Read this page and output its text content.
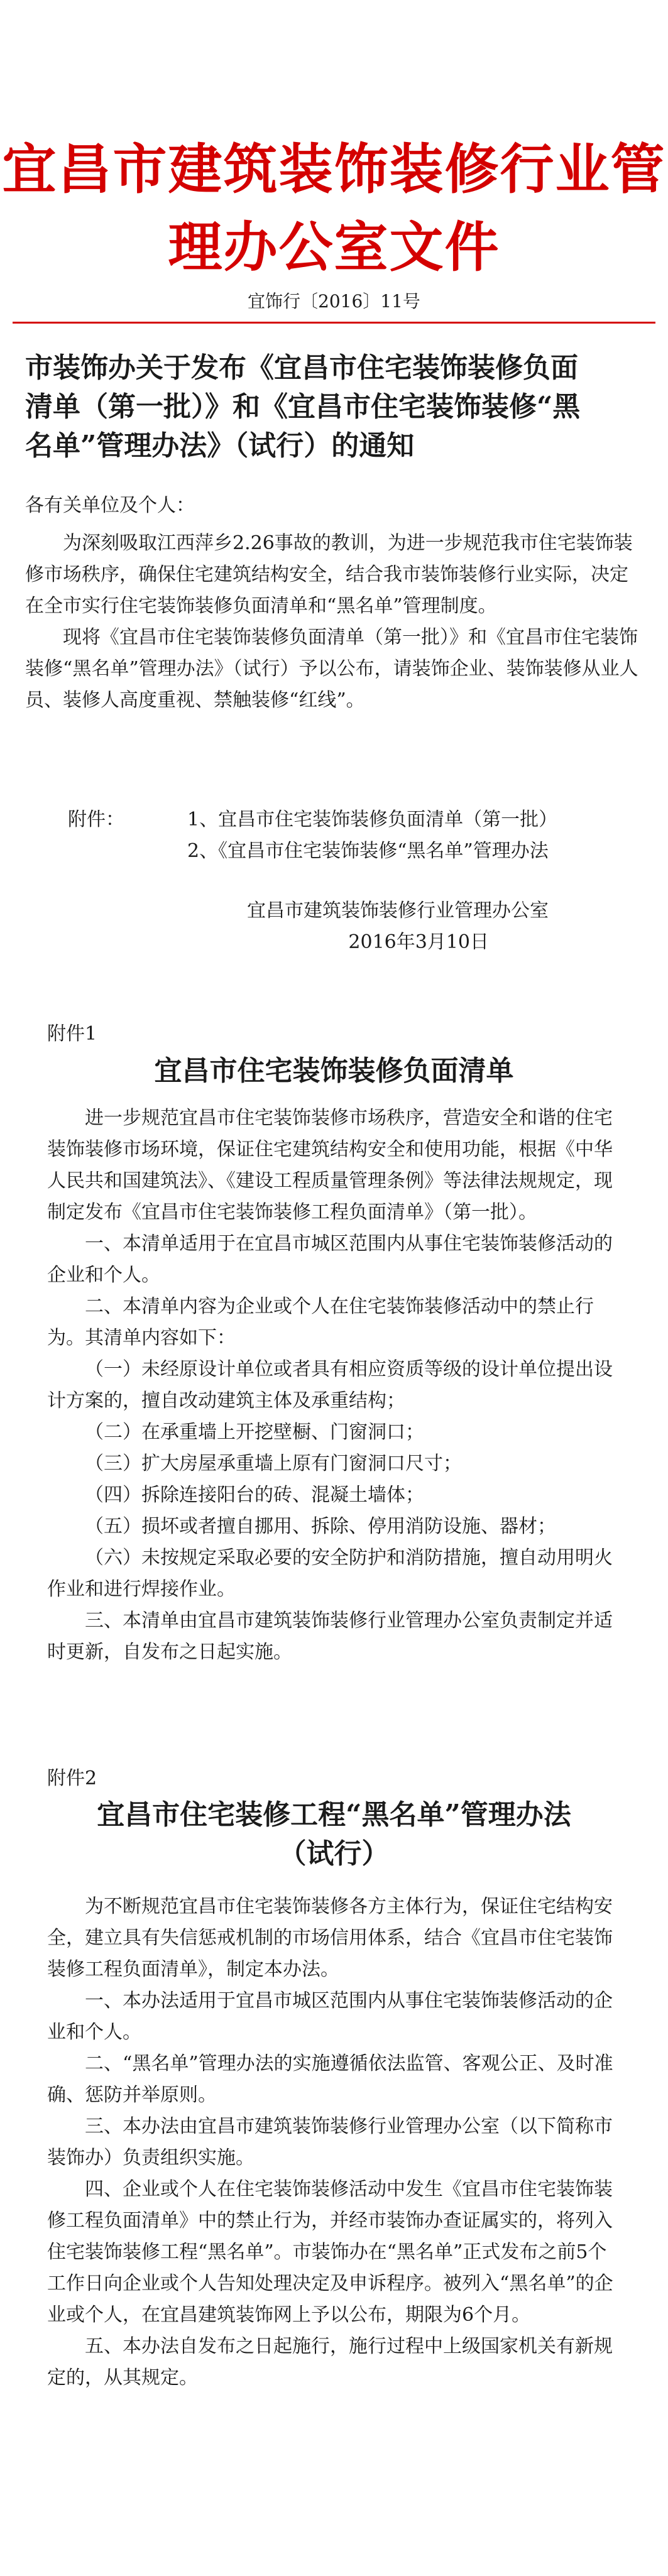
宜昌市建筑装饰装修行业管理办公室文件
宜饰行〔2016〕11号
市装饰办关于发布《宜昌市住宅装饰装修负面
清单（第一批）》和《宜昌市住宅装饰装修“黑
名单”管理办法》（试行）的通知
各有关单位及个人：

为深刻吸取江西萍乡2.26事故的教训，为进一步规范我市住宅装饰装修市场秩序，确保住宅建筑结构安全，结合我市装饰装修行业实际，决定在全市实行住宅装饰装修负面清单和“黑名单”管理制度。

现将《宜昌市住宅装饰装修负面清单（第一批）》和《宜昌市住宅装饰装修“黑名单”管理办法》（试行）予以公布，请装饰企业、装饰装修从业人员、装修人高度重视、禁触装修“红线”。

附件：	1、宜昌市住宅装饰装修负面清单（第一批）
2、《宜昌市住宅装饰装修“黑名单”管理办法
宜昌市建筑装饰装修行业管理办公室
2016年3月10日
附件1
宜昌市住宅装饰装修负面清单

进一步规范宜昌市住宅装饰装修市场秩序，营造安全和谐的住宅装饰装修市场环境，保证住宅建筑结构安全和使用功能，根据《中华人民共和国建筑法》、《建设工程质量管理条例》等法律法规规定，现制定发布《宜昌市住宅装饰装修工程负面清单》（第一批）。

一、本清单适用于在宜昌市城区范围内从事住宅装饰装修活动的企业和个人。

二、本清单内容为企业或个人在住宅装饰装修活动中的禁止行为。其清单内容如下：

（一）未经原设计单位或者具有相应资质等级的设计单位提出设计方案的，擅自改动建筑主体及承重结构；

（二）在承重墙上开挖壁橱、门窗洞口；

（三）扩大房屋承重墙上原有门窗洞口尺寸；

（四）拆除连接阳台的砖、混凝土墙体；

（五）损坏或者擅自挪用、拆除、停用消防设施、器材；

（六）未按规定采取必要的安全防护和消防措施，擅自动用明火作业和进行焊接作业。

三、本清单由宜昌市建筑装饰装修行业管理办公室负责制定并适时更新，自发布之日起实施。

附件2
宜昌市住宅装修工程“黑名单”管理办法
（试行）

为不断规范宜昌市住宅装饰装修各方主体行为，保证住宅结构安全，建立具有失信惩戒机制的市场信用体系，结合《宜昌市住宅装饰装修工程负面清单》，制定本办法。

一、本办法适用于宜昌市城区范围内从事住宅装饰装修活动的企业和个人。

二、“黑名单”管理办法的实施遵循依法监管、客观公正、及时准确、惩防并举原则。

三、本办法由宜昌市建筑装饰装修行业管理办公室（以下简称市装饰办）负责组织实施。

四、企业或个人在住宅装饰装修活动中发生《宜昌市住宅装饰装修工程负面清单》中的禁止行为，并经市装饰办查证属实的，将列入住宅装饰装修工程“黑名单”。市装饰办在“黑名单”正式发布之前5个工作日向企业或个人告知处理决定及申诉程序。被列入“黑名单”的企业或个人，在宜昌建筑装饰网上予以公布，期限为6个月。

五、本办法自发布之日起施行，施行过程中上级国家机关有新规定的，从其规定。
